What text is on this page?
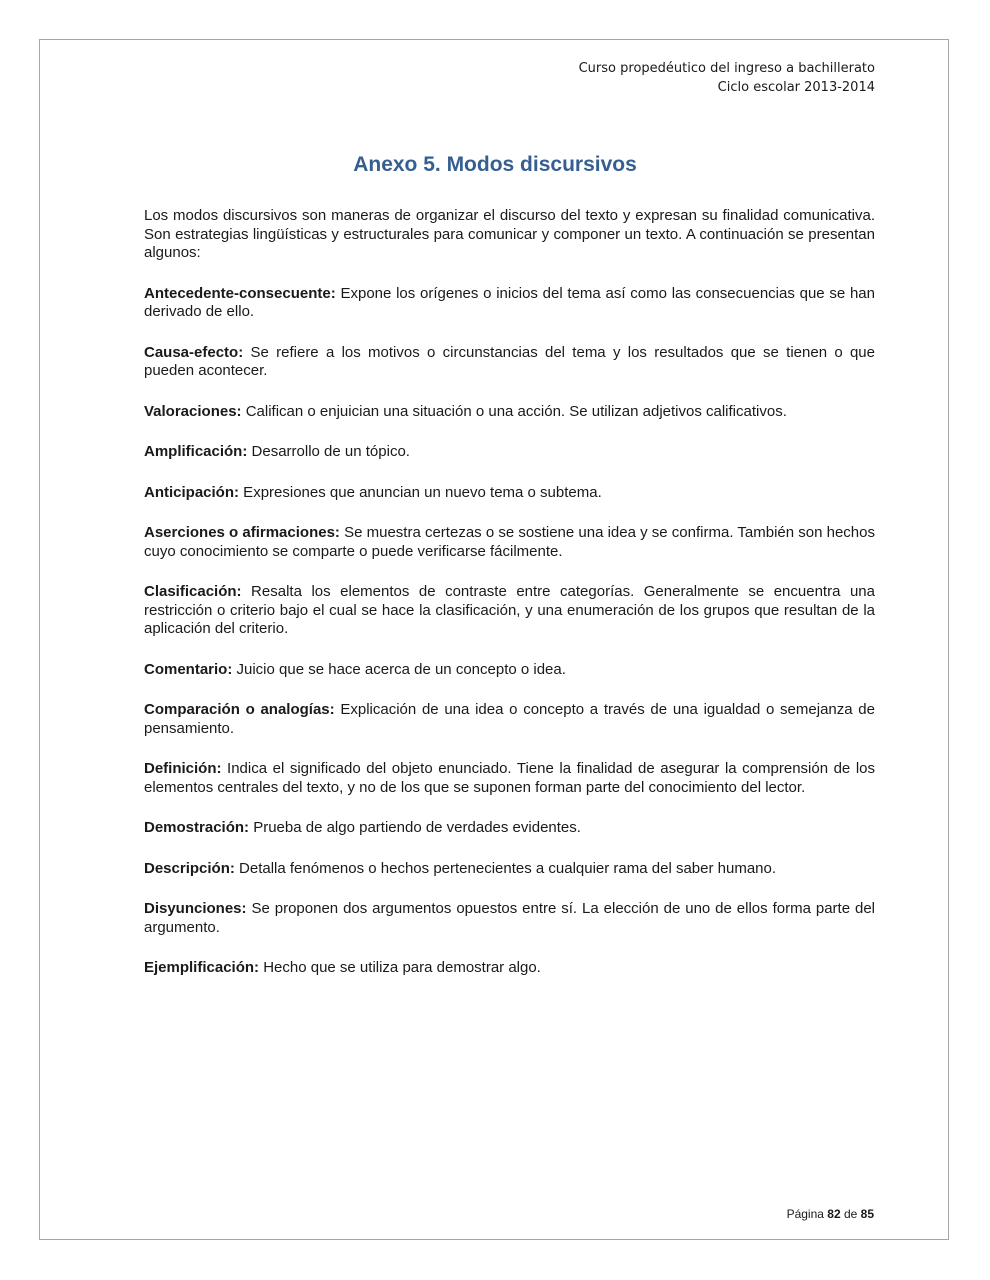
Curso propedéutico del ingreso a bachillerato
Ciclo escolar 2013-2014
Anexo 5. Modos discursivos

Los modos discursivos son maneras de organizar el discurso del texto y expresan su finalidad comunicativa. Son estrategias lingüísticas y estructurales para comunicar y componer un texto. A continuación se presentan algunos:

Antecedente-consecuente: Expone los orígenes o inicios del tema así como las consecuencias que se han derivado de ello.

Causa-efecto: Se refiere a los motivos o circunstancias del tema y los resultados que se tienen o que pueden acontecer.

Valoraciones: Califican o enjuician una situación o una acción. Se utilizan adjetivos calificativos.

Amplificación: Desarrollo de un tópico.

Anticipación: Expresiones que anuncian un nuevo tema o subtema.

Aserciones o afirmaciones: Se muestra certezas o se sostiene una idea y se confirma. También son hechos cuyo conocimiento se comparte o puede verificarse fácilmente.

Clasificación: Resalta los elementos de contraste entre categorías. Generalmente se encuentra una restricción o criterio bajo el cual se hace la clasificación, y una enumeración de los grupos que resultan de la aplicación del criterio.

Comentario: Juicio que se hace acerca de un concepto o idea.

Comparación o analogías: Explicación de una idea o concepto a través de una igualdad o semejanza de pensamiento.

Definición: Indica el significado del objeto enunciado. Tiene la finalidad de asegurar la comprensión de los elementos centrales del texto, y no de los que se suponen forman parte del conocimiento del lector.

Demostración: Prueba de algo partiendo de verdades evidentes.

Descripción: Detalla fenómenos o hechos pertenecientes a cualquier rama del saber humano.

Disyunciones: Se proponen dos argumentos opuestos entre sí. La elección de uno de ellos forma parte del argumento.

Ejemplificación: Hecho que se utiliza para demostrar algo.

Página 82 de 85
